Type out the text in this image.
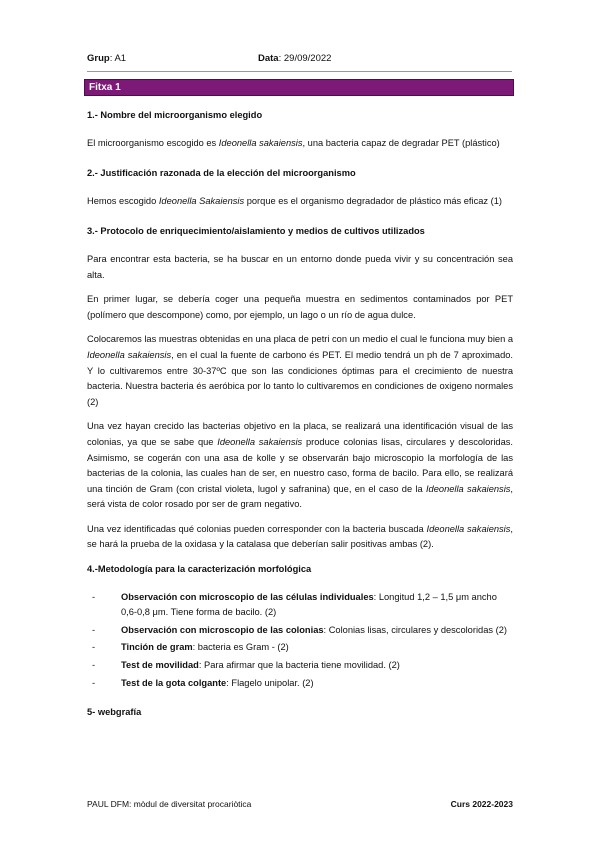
Grup: A1	Data: 29/09/2022
Fitxa 1
1.- Nombre del microorganismo elegido

El microorganismo escogido es Ideonella sakaiensis, una bacteria capaz de degradar PET (plástico)

2.- Justificación razonada de la elección del microorganismo

Hemos escogido Ideonella Sakaiensis porque es el organismo degradador de plástico más eficaz (1)

3.- Protocolo de enriquecimiento/aislamiento y medios de cultivos utilizados

Para encontrar esta bacteria, se ha buscar en un entorno donde pueda vivir y su concentración sea alta.

En primer lugar, se debería coger una pequeña muestra en sedimentos contaminados por PET (polímero que descompone) como, por ejemplo, un lago o un río de agua dulce.

Colocaremos las muestras obtenidas en una placa de petri con un medio el cual le funciona muy bien a Ideonella sakaiensis, en el cual la fuente de carbono és PET. El medio tendrá un ph de 7 aproximado. Y lo cultivaremos entre 30-37ºC que son las condiciones óptimas para el crecimiento de nuestra bacteria. Nuestra bacteria és aeróbica por lo tanto lo cultivaremos en condiciones de oxigeno normales (2)

Una vez hayan crecido las bacterias objetivo en la placa, se realizará una identificación visual de las colonias, ya que se sabe que Ideonella sakaiensis produce colonias lisas, circulares y descoloridas. Asimismo, se cogerán con una asa de kolle y se observarán bajo microscopio la morfología de las bacterias de la colonia, las cuales han de ser, en nuestro caso, forma de bacilo. Para ello, se realizará una tinción de Gram (con cristal violeta, lugol y safranina) que, en el caso de la Ideonella sakaiensis, será vista de color rosado por ser de gram negativo.

Una vez identificadas qué colonias pueden corresponder con la bacteria buscada Ideonella sakaiensis, se hará la prueba de la oxidasa y la catalasa que deberían salir positivas ambas (2).

4.-Metodología para la caracterización morfológica
-	Observación con microscopio de las células individuales: Longitud 1,2 – 1,5 μm ancho 0,6-0,8 μm. Tiene forma de bacilo. (2)
-	Observación con microscopio de las colonias: Colonias lisas, circulares y descoloridas (2)
-	Tinción de gram: bacteria es Gram - (2)
-	Test de movilidad: Para afirmar que la bacteria tiene movilidad. (2)
-	Test de la gota colgante: Flagelo unipolar. (2)
5- webgrafía
PAUL DFM: mòdul de diversitat procariòtica	Curs 2022-2023
